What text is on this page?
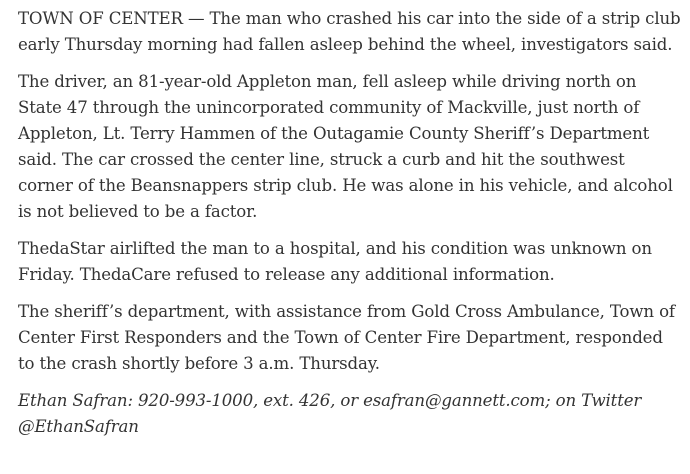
TOWN OF CENTER — The man who crashed his car into the side of a strip club early Thursday morning had fallen asleep behind the wheel, investigators said.

The driver, an 81-year-old Appleton man, fell asleep while driving north on State 47 through the unincorporated community of Mackville, just north of Appleton, Lt. Terry Hammen of the Outagamie County Sheriff’s Department said. The car crossed the center line, struck a curb and hit the southwest corner of the Beansnappers strip club. He was alone in his vehicle, and alcohol is not believed to be a factor.

ThedaStar airlifted the man to a hospital, and his condition was unknown on Friday. ThedaCare refused to release any additional information.

The sheriff’s department, with assistance from Gold Cross Ambulance, Town of Center First Responders and the Town of Center Fire Department, responded to the crash shortly before 3 a.m. Thursday.

Ethan Safran: 920-993-1000, ext. 426, or esafran@gannett.com; on Twitter @EthanSafran
